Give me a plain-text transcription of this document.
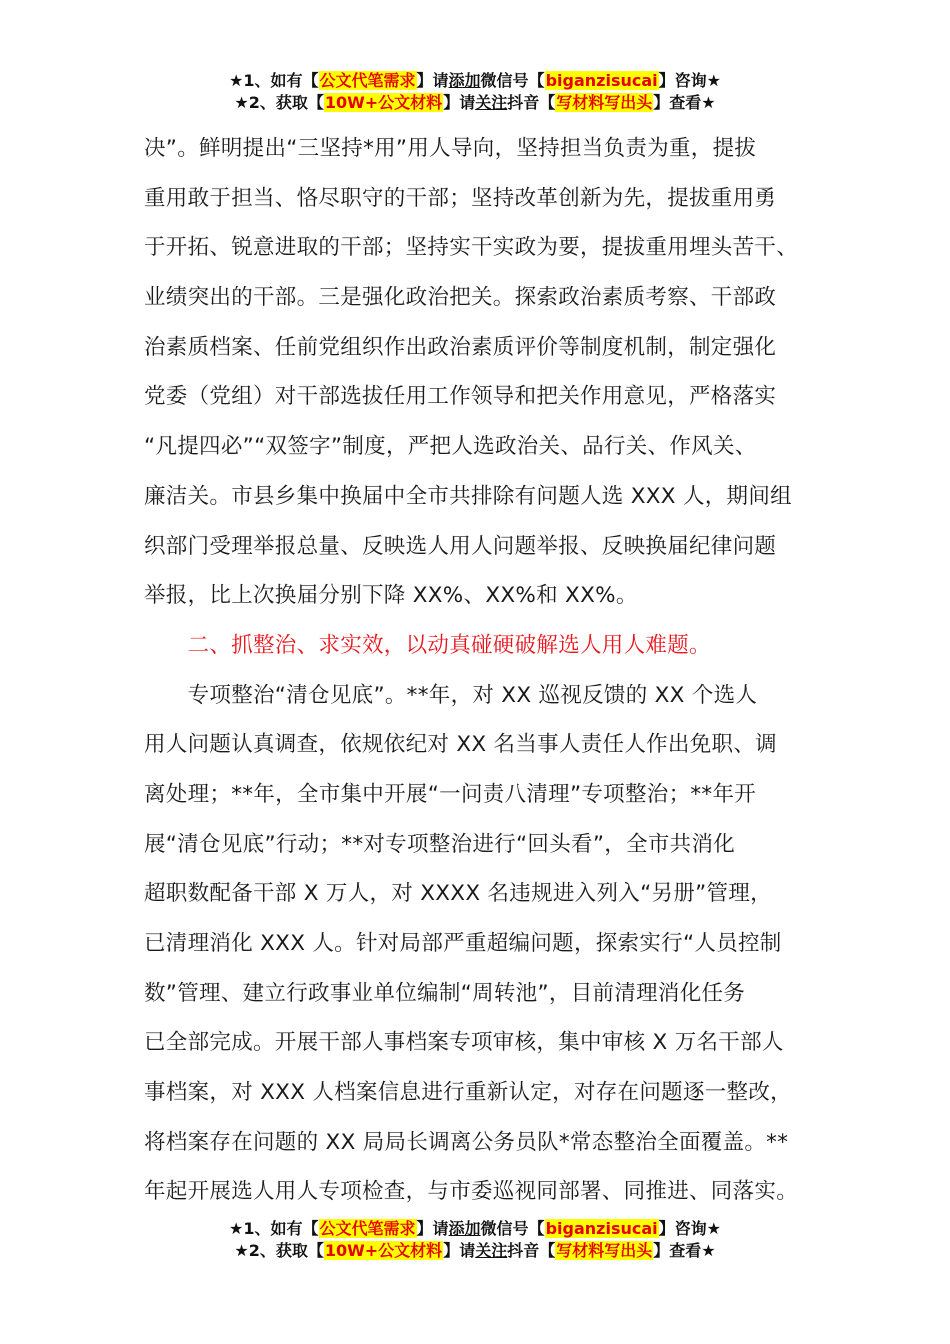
★1、如有【公文代笔需求】请添加微信号【biganzisucai】咨询★
★2、获取【10W+公文材料】请关注抖音【写材料写出头】查看★
决”。鲜明提出“三坚持*用”用人导向，坚持担当负责为重，提拔
重用敢于担当、恪尽职守的干部；坚持改革创新为先，提拔重用勇
于开拓、锐意进取的干部；坚持实干实政为要，提拔重用埋头苦干、
业绩突出的干部。三是强化政治把关。探索政治素质考察、干部政
治素质档案、任前党组织作出政治素质评价等制度机制，制定强化
党委（党组）对干部选拔任用工作领导和把关作用意见，严格落实
“凡提四必”“双签字”制度，严把人选政治关、品行关、作风关、
廉洁关。市县乡集中换届中全市共排除有问题人选 XXX 人，期间组
织部门受理举报总量、反映选人用人问题举报、反映换届纪律问题
举报，比上次换届分别下降 XX%、XX%和 XX%。
　　二、抓整治、求实效，以动真碰硬破解选人用人难题。
　　专项整治“清仓见底”。**年，对 XX 巡视反馈的 XX 个选人
用人问题认真调查，依规依纪对 XX 名当事人责任人作出免职、调
离处理；**年，全市集中开展“一问责八清理”专项整治；**年开
展“清仓见底”行动；**对专项整治进行“回头看”，全市共消化
超职数配备干部 X 万人，对 XXXX 名违规进入列入“另册”管理，
已清理消化 XXX 人。针对局部严重超编问题，探索实行“人员控制
数”管理、建立行政事业单位编制“周转池”，目前清理消化任务
已全部完成。开展干部人事档案专项审核，集中审核 X 万名干部人
事档案，对 XXX 人档案信息进行重新认定，对存在问题逐一整改，
将档案存在问题的 XX 局局长调离公务员队*常态整治全面覆盖。**
年起开展选人用人专项检查，与市委巡视同部署、同推进、同落实。
★1、如有【公文代笔需求】请添加微信号【biganzisucai】咨询★
★2、获取【10W+公文材料】请关注抖音【写材料写出头】查看★
